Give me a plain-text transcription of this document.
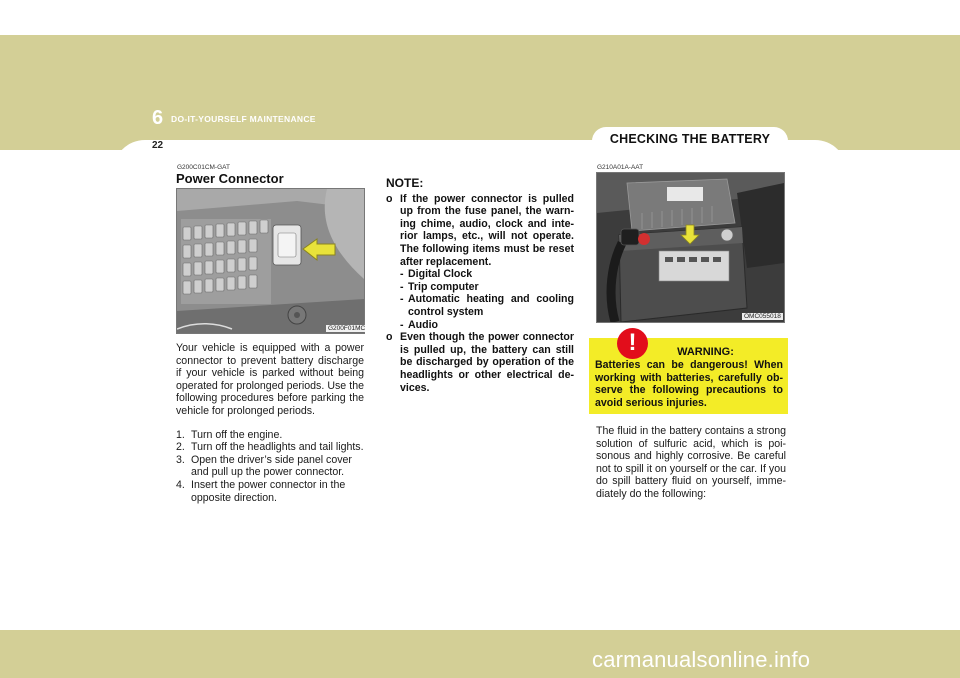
6 DO-IT-YOURSELF MAINTENANCE
22	CHECKING THE BATTERY
G200C01CM-GAT
Power Connector
G200F01MC

Your vehicle is equipped with a power connector to prevent battery discharge if your vehicle is parked without being operated for prolonged periods. Use the following procedures before parking the vehicle for prolonged periods.

1. Turn off the engine.
2. Turn off the headlights and tail lights.
3. Open the driver’s side panel cover and pull up the power connector.
4. Insert the power connector in the opposite direction.
NOTE:
o If the power connector is pulled up from the fuse panel, the warn-ing chime, audio, clock and inte-rior lamps, etc., will not operate. The following items must be reset after replacement.
- Digital Clock
- Trip computer
- Automatic heating and cooling control system
- Audio
o Even though the power connector is pulled up, the battery can still be discharged by operation of the headlights or other electrical de-vices.
G210A01A-AAT
OMC055018
WARNING:
Batteries can be dangerous! When working with batteries, carefully ob-serve the following precautions to avoid serious injuries.
!

The fluid in the battery contains a strong solution of sulfuric acid, which is poi-sonous and highly corrosive. Be careful not to spill it on yourself or the car. If you do spill battery fluid on yourself, imme-diately do the following:

carmanualsonline.info
